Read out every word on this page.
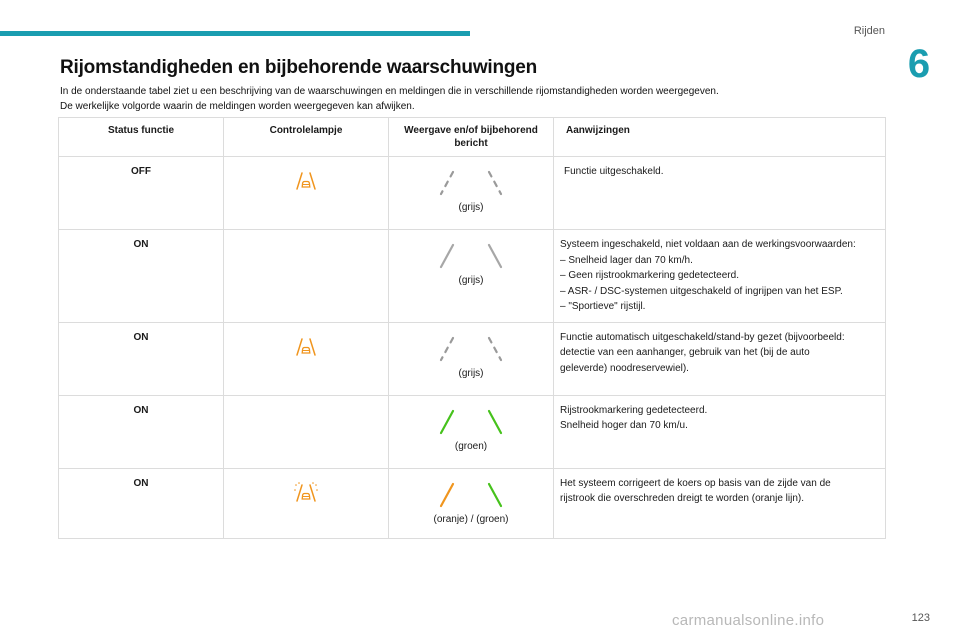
Rijden
6
Rijomstandigheden en bijbehorende waarschuwingen
In de onderstaande tabel ziet u een beschrijving van de waarschuwingen en meldingen die in verschillende rijomstandigheden worden weergegeven.
De werkelijke volgorde waarin de meldingen worden weergegeven kan afwijken.
Status functie	Controlelampje	Weergave en/of bijbehorend bericht	Aanwijzingen
OFF		(grijs)	Functie uitgeschakeld.

ON		(grijs)	Systeem ingeschakeld, niet voldaan aan de werkingsvoorwaarden:
– Snelheid lager dan 70 km/h.
– Geen rijstrookmarkering gedetecteerd.
– ASR- / DSC-systemen uitgeschakeld of ingrijpen van het ESP.
– "Sportieve" rijstijl.

ON		(grijs)	Functie automatisch uitgeschakeld/stand-by gezet (bijvoorbeeld:
detectie van een aanhanger, gebruik van het (bij de auto
geleverde) noodreservewiel).

ON		(groen)	Rijstrookmarkering gedetecteerd.
Snelheid hoger dan 70 km/u.

ON		(oranje) / (groen)	Het systeem corrigeert de koers op basis van de zijde van de
rijstrook die overschreden dreigt te worden (oranje lijn).
carmanualsonline.info	123
